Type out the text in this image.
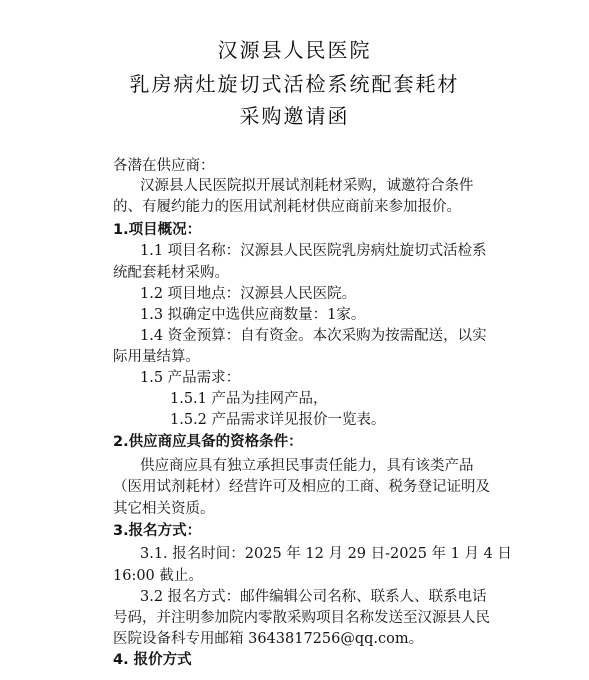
汉源县人民医院
乳房病灶旋切式活检系统配套耗材
采购邀请函
各潜在供应商：
汉源县人民医院拟开展试剂耗材采购，诚邀符合条件
的、有履约能力的医用试剂耗材供应商前来参加报价。
1.项目概况：
1.1 项目名称：汉源县人民医院乳房病灶旋切式活检系
统配套耗材采购。
1.2 项目地点：汉源县人民医院。
1.3 拟确定中选供应商数量：1家。
1.4 资金预算：自有资金。本次采购为按需配送，以实
际用量结算。
1.5 产品需求：
1.5.1 产品为挂网产品，
1.5.2 产品需求详见报价一览表。
2.供应商应具备的资格条件：
供应商应具有独立承担民事责任能力，具有该类产品
（医用试剂耗材）经营许可及相应的工商、税务登记证明及
其它相关资质。
3.报名方式：
3.1. 报名时间：2025 年 12 月 29 日-2025 年 1 月 4 日
16:00 截止。
3.2 报名方式：邮件编辑公司名称、联系人、联系电话
号码，并注明参加院内零散采购项目名称发送至汉源县人民
医院设备科专用邮箱 3643817256@qq.com。
4. 报价方式
